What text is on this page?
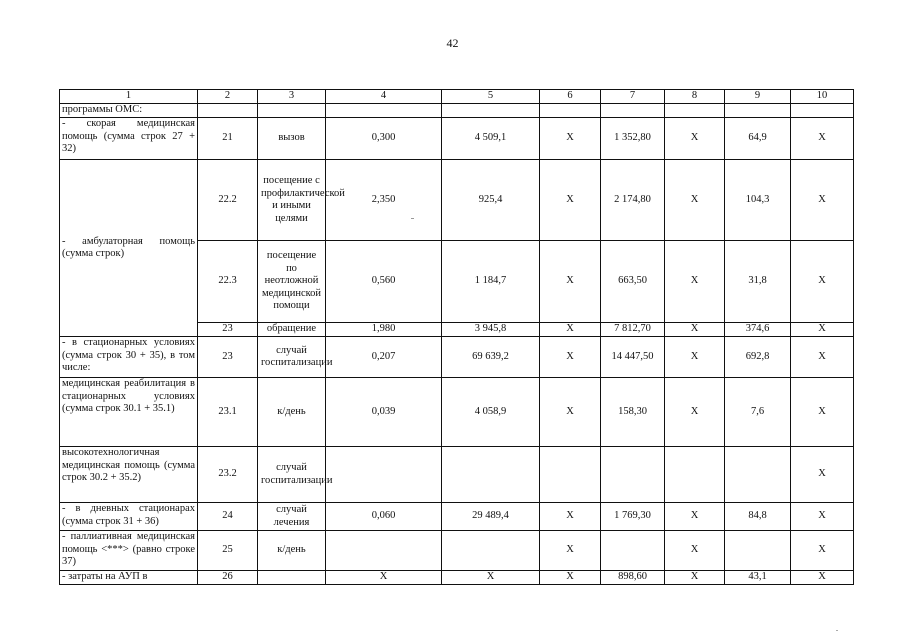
42
1	2	3	4	5	6	7	8	9	10
программы ОМС:									
- скорая медицинская помощь (сумма строк 27 + 32)	21	вызов	0,300	4 509,1	X	1 352,80	X	64,9	X
- амбулаторная помощь (сумма строк)	22.2	посещение с профилактической и иными целями	2,350	925,4	X	2 174,80	X	104,3	X
	22.3	посещение по неотложной медицинской помощи	0,560	1 184,7	X	663,50	X	31,8	X
	23	обращение	1,980	3 945,8	X	7 812,70	X	374,6	X
- в стационарных условиях (сумма строк 30 + 35), в том числе:	23	случай госпитализации	0,207	69 639,2	X	14 447,50	X	692,8	X
медицинская реабилитация в стационарных условиях (сумма строк 30.1 + 35.1)	23.1	к/день	0,039	4 058,9	X	158,30	X	7,6	X
высокотехнологичная медицинская помощь (сумма строк 30.2 + 35.2)	23.2	случай госпитализации							X
- в дневных стационарах (сумма строк 31 + 36)	24	случай лечения	0,060	29 489,4	X	1 769,30	X	84,8	X
- паллиативная медицинская помощь <***> (равно строке 37)	25	к/день			X		X		X
- затраты на АУП в	26		X	X	X	898,60	X	43,1	X
